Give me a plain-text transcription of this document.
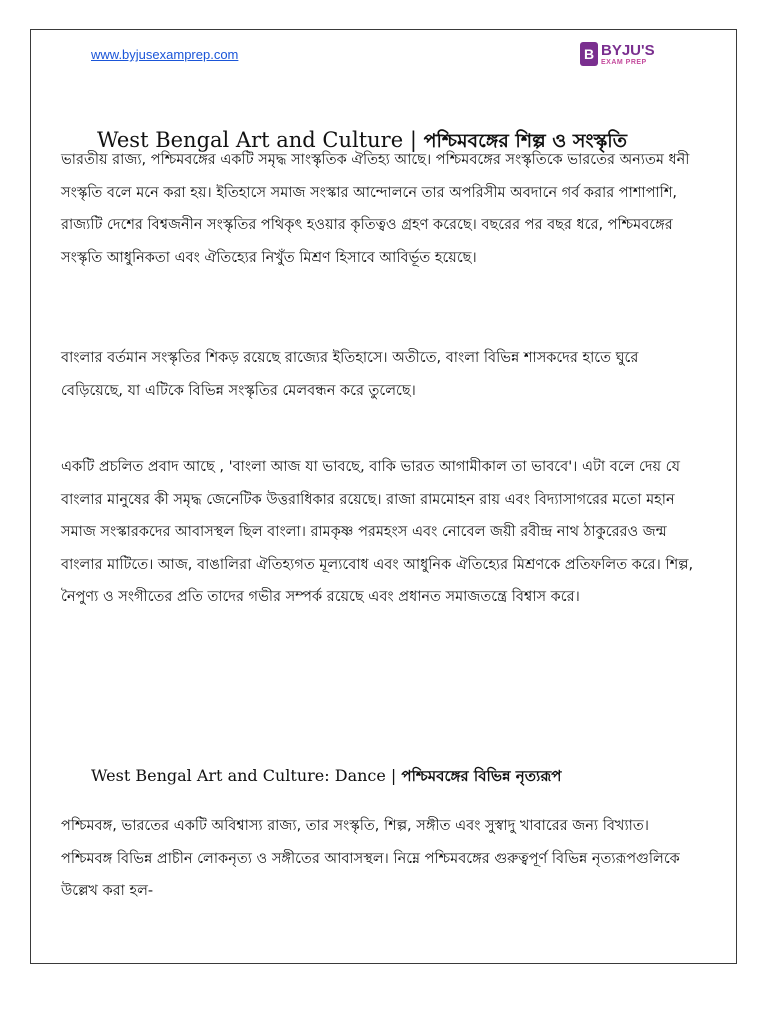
www.byjusexamprep.com	B BYJU'S
EXAM PREP
West Bengal Art and Culture | পশ্চিমবঙ্গের শিল্প ও সংস্কৃতি

ভারতীয় রাজ্য, পশ্চিমবঙ্গের একটি সমৃদ্ধ সাংস্কৃতিক ঐতিহ্য আছে। পশ্চিমবঙ্গের সংস্কৃতিকে ভারতের অন্যতম ধনী সংস্কৃতি বলে মনে করা হয়। ইতিহাসে সমাজ সংস্কার আন্দোলনে তার অপরিসীম অবদানে গর্ব করার পাশাপাশি, রাজ্যটি দেশের বিশ্বজনীন সংস্কৃতির পথিকৃৎ হওয়ার কৃতিত্বও গ্রহণ করেছে। বছরের পর বছর ধরে, পশ্চিমবঙ্গের সংস্কৃতি আধুনিকতা এবং ঐতিহ্যের নিখুঁত মিশ্রণ হিসাবে আবির্ভূত হয়েছে।

বাংলার বর্তমান সংস্কৃতির শিকড় রয়েছে রাজ্যের ইতিহাসে। অতীতে, বাংলা বিভিন্ন শাসকদের হাতে ঘুরে বেড়িয়েছে, যা এটিকে বিভিন্ন সংস্কৃতির মেলবন্ধন করে তুলেছে।

একটি প্রচলিত প্রবাদ আছে , 'বাংলা আজ যা ভাবছে, বাকি ভারত আগামীকাল তা ভাববে'। এটা বলে দেয় যে বাংলার মানুষের কী সমৃদ্ধ জেনেটিক উত্তরাধিকার রয়েছে। রাজা রামমোহন রায় এবং বিদ্যাসাগরের মতো মহান সমাজ সংস্কারকদের আবাসস্থল ছিল বাংলা। রামকৃষ্ণ পরমহংস এবং নোবেল জয়ী রবীন্দ্র নাথ ঠাকুরেরও জন্ম বাংলার মাটিতে। আজ, বাঙালিরা ঐতিহ্যগত মূল্যবোধ এবং আধুনিক ঐতিহ্যের মিশ্রণকে প্রতিফলিত করে। শিল্প, নৈপুণ্য ও সংগীতের প্রতি তাদের গভীর সম্পর্ক রয়েছে এবং প্রধানত সমাজতন্ত্রে বিশ্বাস করে।

West Bengal Art and Culture: Dance | পশ্চিমবঙ্গের বিভিন্ন নৃত্যরূপ

পশ্চিমবঙ্গ, ভারতের একটি অবিশ্বাস্য রাজ্য, তার সংস্কৃতি, শিল্প, সঙ্গীত এবং সুস্বাদু খাবারের জন্য বিখ্যাত। পশ্চিমবঙ্গ বিভিন্ন প্রাচীন লোকনৃত্য ও সঙ্গীতের আবাসস্থল। নিম্নে পশ্চিমবঙ্গের গুরুত্বপূর্ণ বিভিন্ন নৃত্যরূপগুলিকে উল্লেখ করা হল-
